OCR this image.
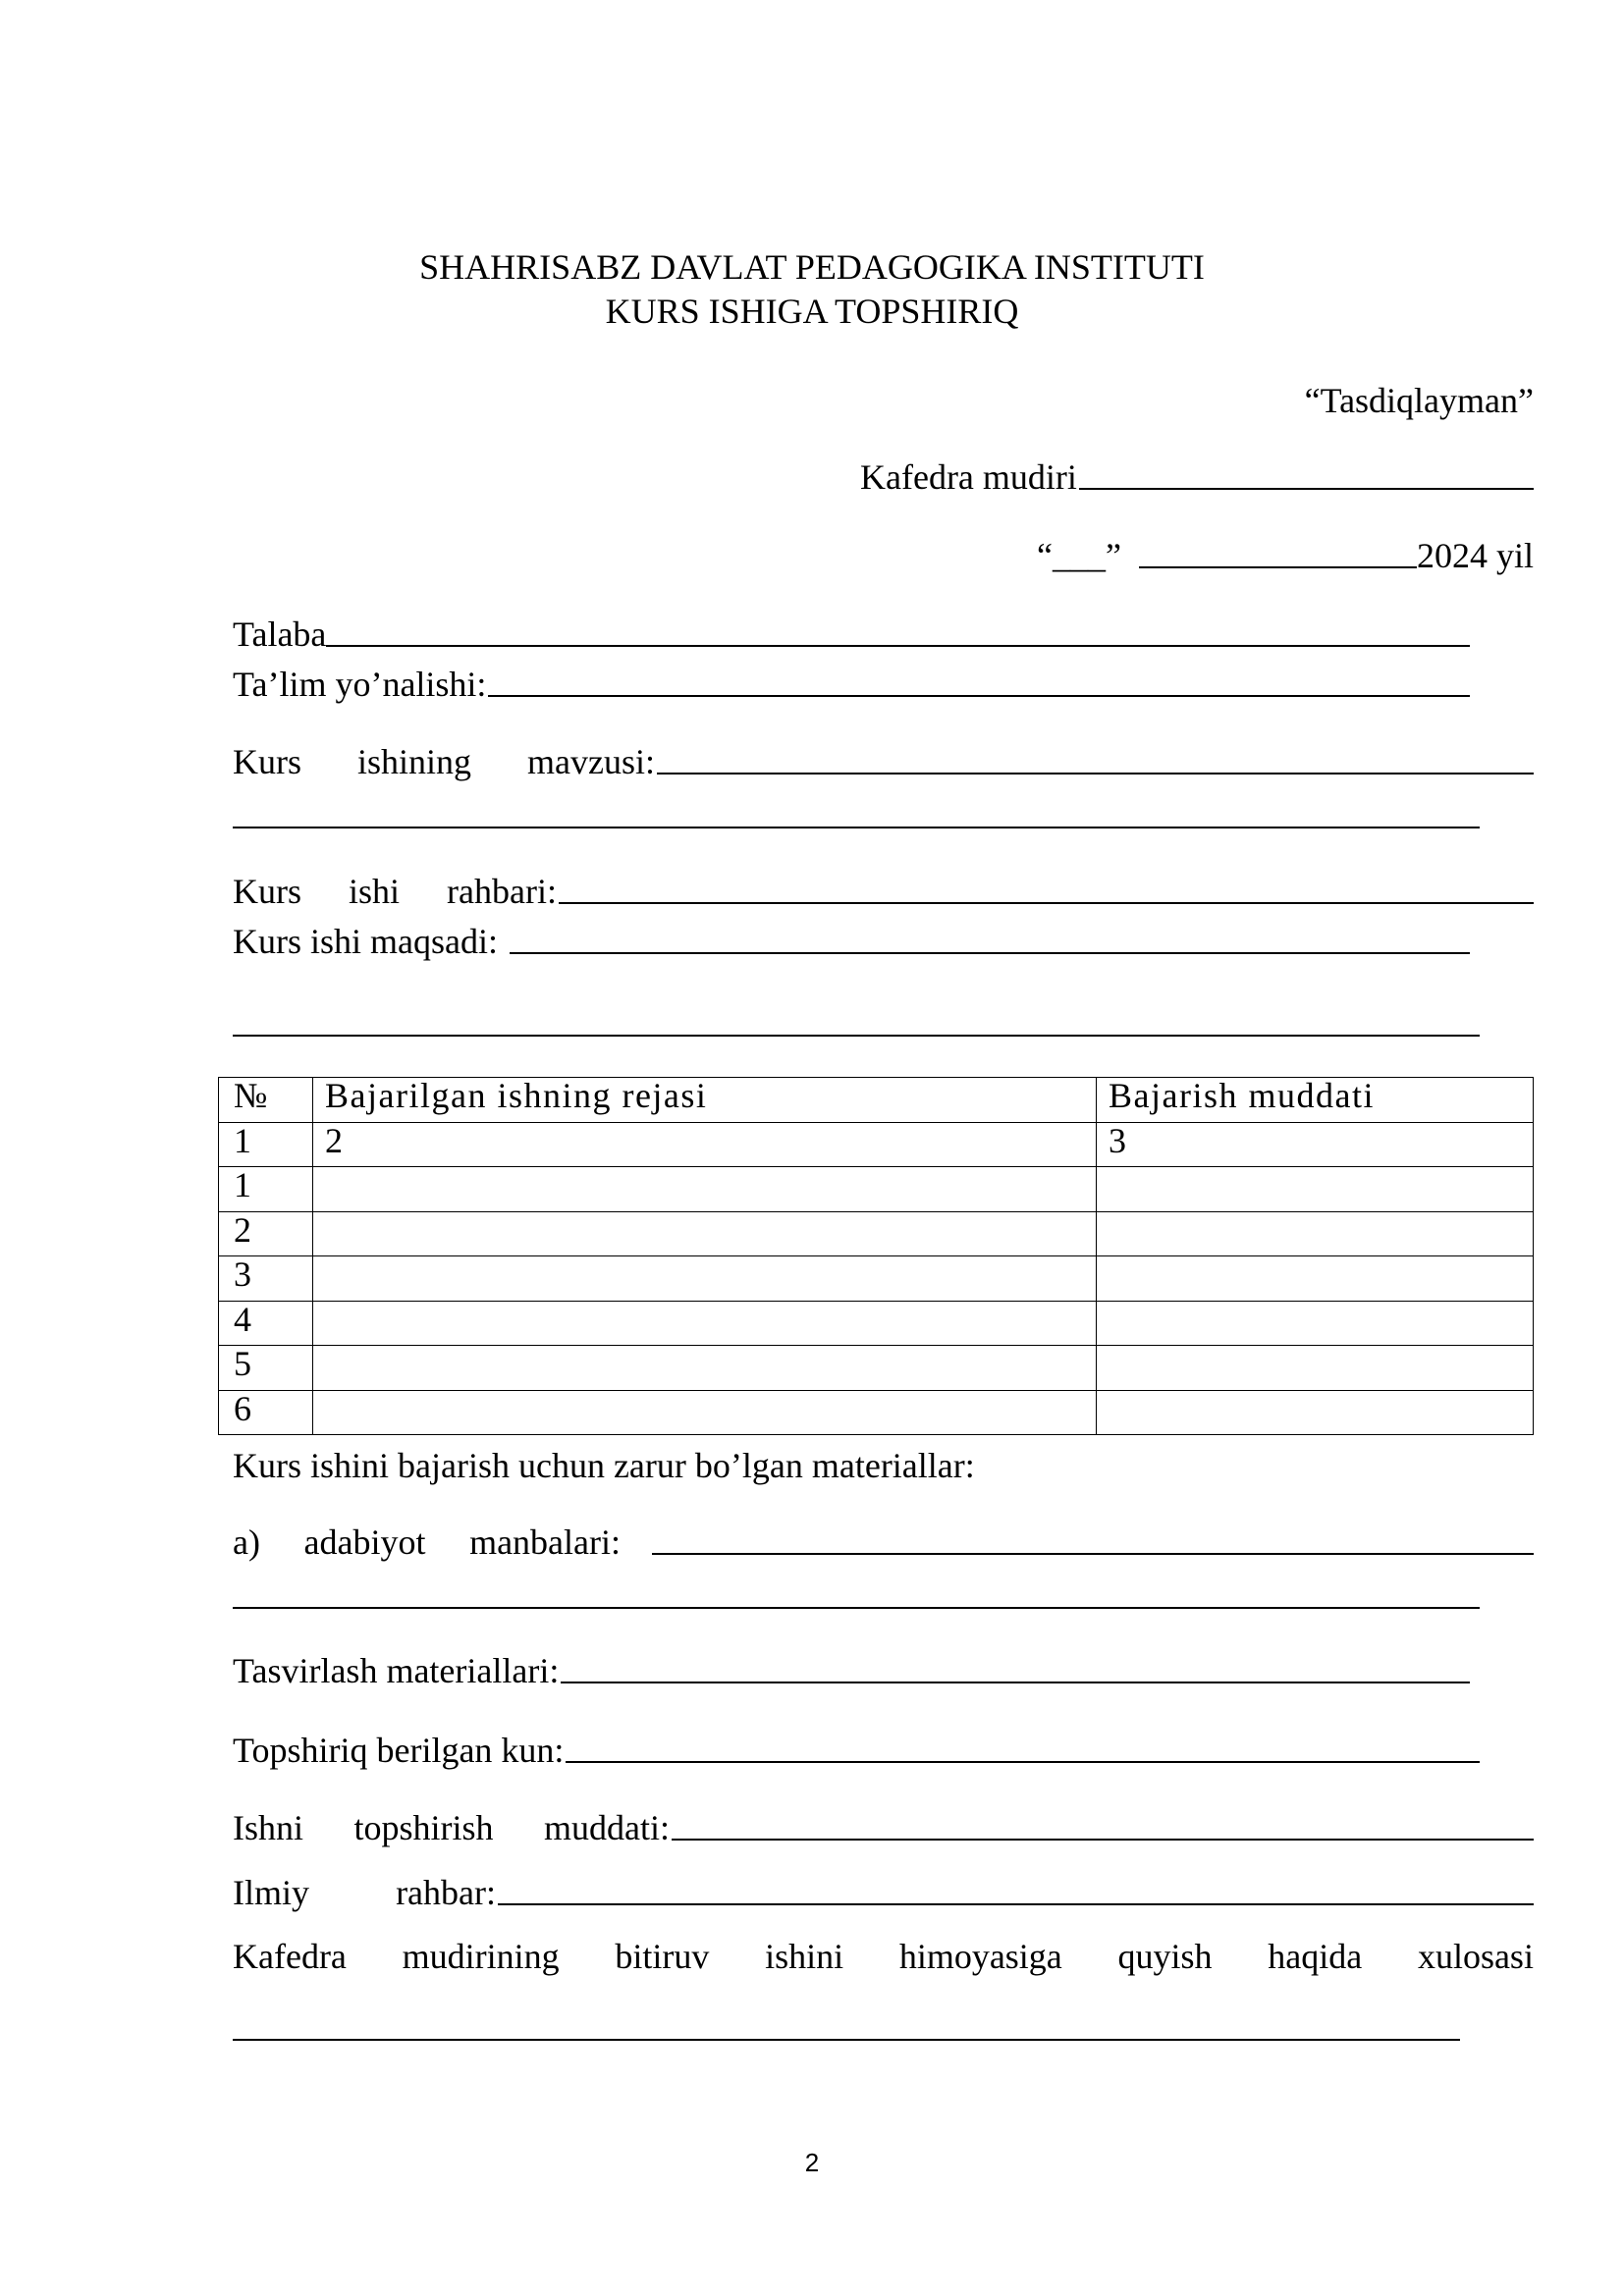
SHAHRISABZ DAVLAT PEDAGOGIKA INSTITUTI
KURS ISHIGA TOPSHIRIQ
“Tasdiqlayman”
Kafedra mudiri
“___”	2024 yil
Talaba
Ta’lim yo’nalishi:
Kurs ishining mavzusi:
Kurs ishi rahbari:
Kurs ishi maqsadi:
№	Bajarilgan ishning rejasi	Bajarish muddati
1	2	3
1		
2		
3		
4		
5		
6		
Kurs ishini bajarish uchun zarur bo’lgan materiallar:
a) adabiyot manbalari:
Tasvirlash materiallari:
Topshiriq berilgan kun:
Ishni topshirish muddati:
Ilmiy rahbar:
Kafedra mudirining bitiruv ishini himoyasiga quyish haqida xulosasi
2
